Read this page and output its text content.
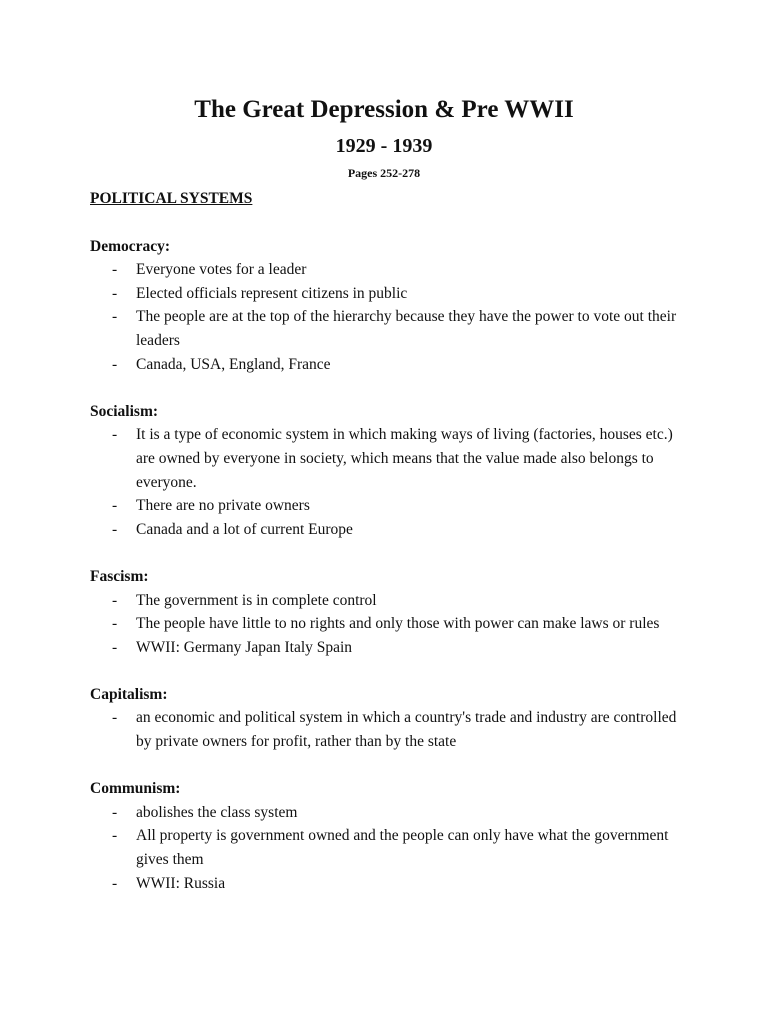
The Great Depression & Pre WWII
1929 - 1939
Pages 252-278
POLITICAL SYSTEMS
Democracy:
- Everyone votes for a leader
- Elected officials represent citizens in public
- The people are at the top of the hierarchy because they have the power to vote out their leaders
- Canada, USA, England, France
Socialism:
- It is a type of economic system in which making ways of living (factories, houses etc.) are owned by everyone in society, which means that the value made also belongs to everyone.
- There are no private owners
- Canada and a lot of current Europe
Fascism:
- The government is in complete control
- The people have little to no rights and only those with power can make laws or rules
- WWII: Germany Japan Italy Spain
Capitalism:
- an economic and political system in which a country's trade and industry are controlled by private owners for profit, rather than by the state
Communism:
- abolishes the class system
- All property is government owned and the people can only have what the government gives them
- WWII: Russia
